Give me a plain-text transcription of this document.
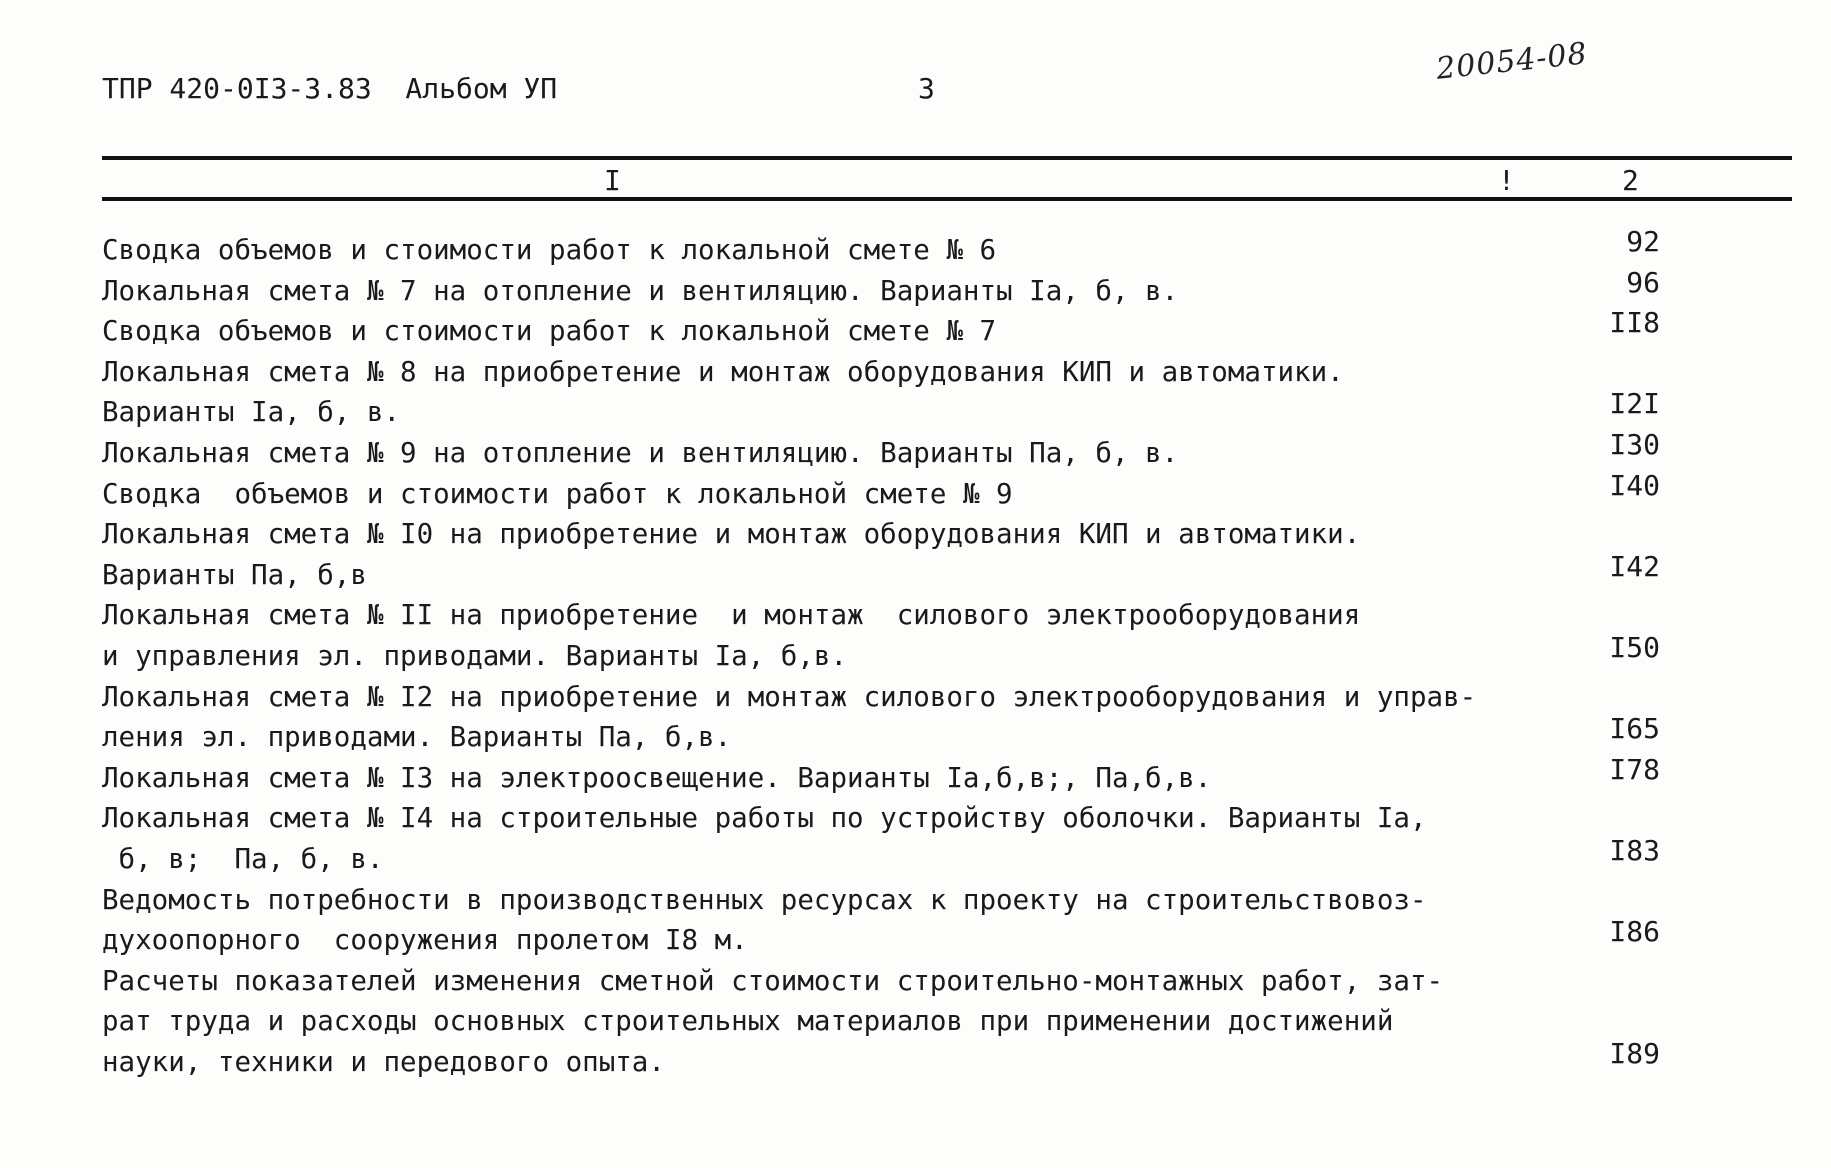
ТПР 420-0I3-3.83  Альбом УП	3
20054-08
I	!	2
Сводка объемов и стоимости работ к локальной смете № 6	92
Локальная смета № 7 на отопление и вентиляцию. Варианты Iа, б, в.	96
Сводка объемов и стоимости работ к локальной смете № 7	II8
Локальная смета № 8 на приобретение и монтаж оборудования КИП и автоматики.
Варианты Iа, б, в.	I2I
Локальная смета № 9 на отопление и вентиляцию. Варианты Пa, б, в.	I30
Сводка  объемов и стоимости работ к локальной смете № 9	I40
Локальная смета № I0 на приобретение и монтаж оборудования КИП и автоматики.
Варианты Пa, б,в	I42
Локальная смета № II на приобретение  и монтаж  силового электрооборудования
и управления эл. приводами. Варианты Iа, б,в.	I50
Локальная смета № I2 на приобретение и монтаж силового электрооборудования и управ-
ления эл. приводами. Варианты Пa, б,в.	I65
Локальная смета № I3 на электроосвещение. Варианты Iа,б,в;, Пa,б,в.	I78
Локальная смета № I4 на строительные работы по устройству оболочки. Варианты Iа,
б, в;  Пa, б, в.	I83
Ведомость потребности в производственных ресурсах к проекту на строительствовоз-
духоопорного  сооружения пролетом I8 м.	I86
Расчеты показателей изменения сметной стоимости строительно-монтажных работ, зат-
рат труда и расходы основных строительных материалов при применении достижений
науки, техники и передового опыта.	I89
